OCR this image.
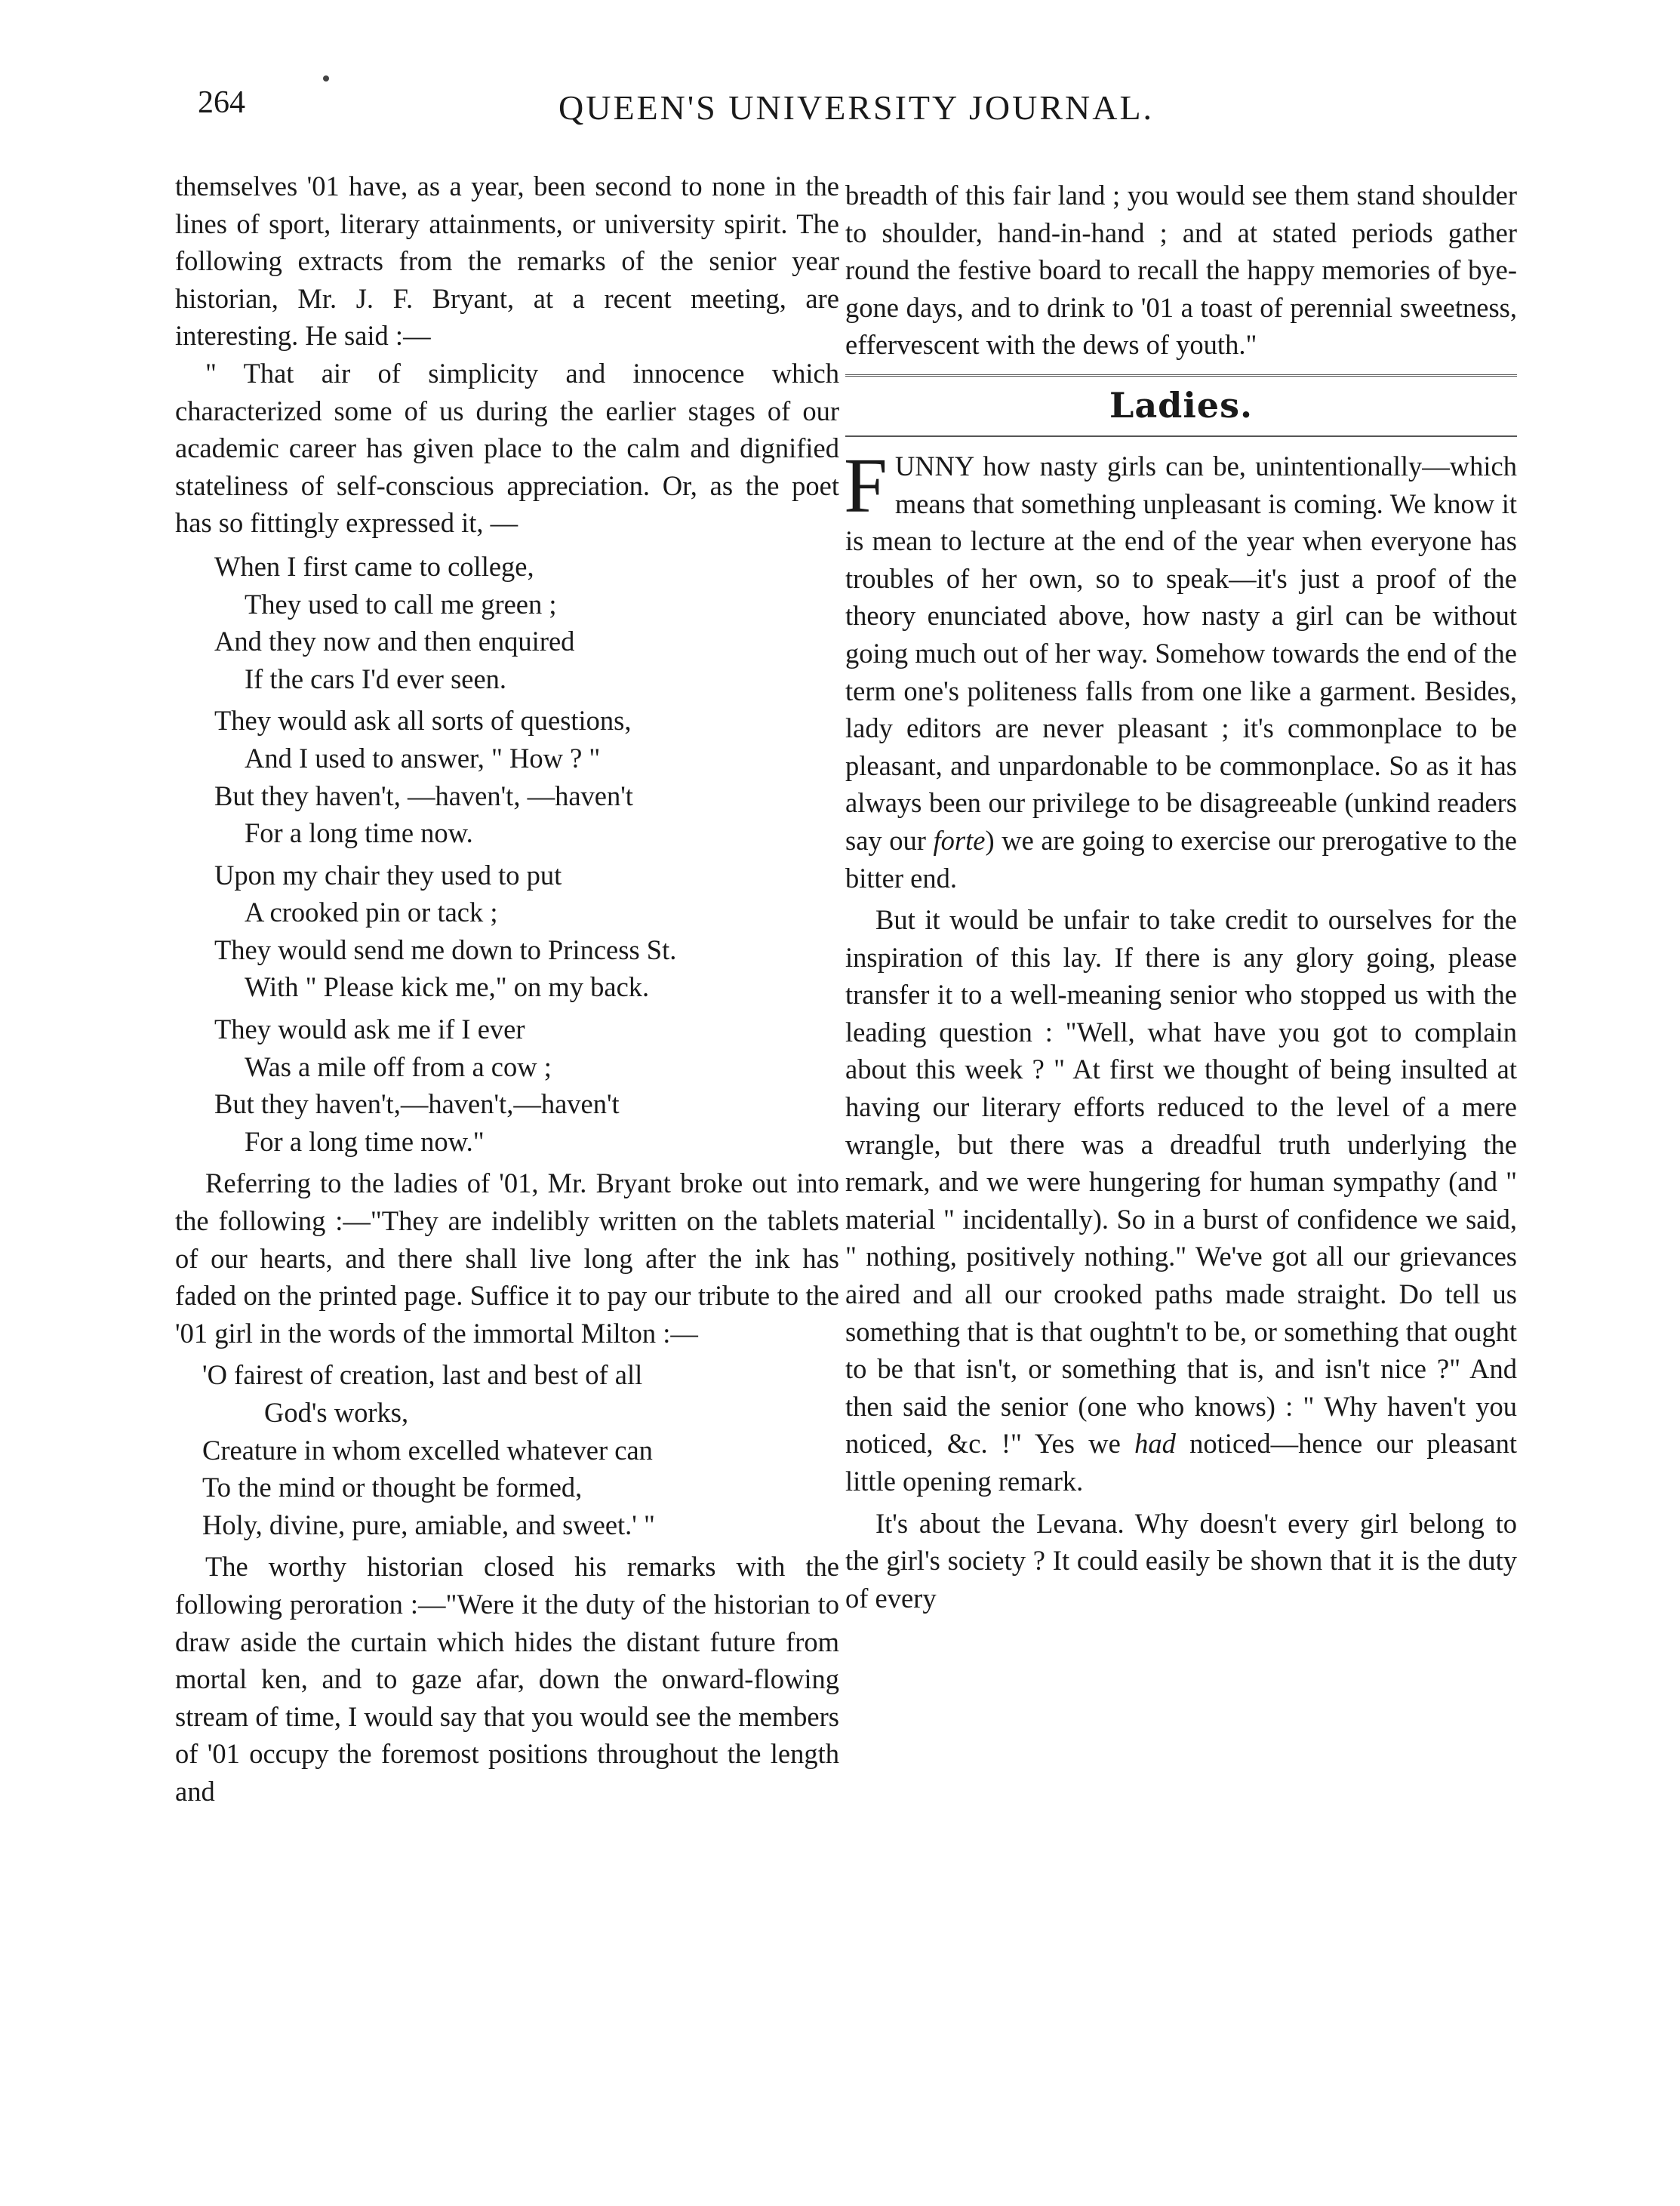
264	QUEEN'S UNIVERSITY JOURNAL.

themselves '01 have, as a year, been second to none in the lines of sport, literary attainments, or university spirit. The following extracts from the remarks of the senior year historian, Mr. J. F. Bryant, at a recent meeting, are interesting. He said :—

" That air of simplicity and innocence which characterized some of us during the earlier stages of our academic career has given place to the calm and dignified stateliness of self-conscious appreciation. Or, as the poet has so fittingly expressed it, —

When I first came to college,
They used to call me green ;
And they now and then enquired
If the cars I'd ever seen.
They would ask all sorts of questions,
And I used to answer, " How ? "
But they haven't, —haven't, —haven't
For a long time now.
Upon my chair they used to put
A crooked pin or tack ;
They would send me down to Princess St.
With " Please kick me," on my back.
They would ask me if I ever
Was a mile off from a cow ;
But they haven't,—haven't,—haven't
For a long time now."

Referring to the ladies of '01, Mr. Bryant broke out into the following :—"They are indelibly written on the tablets of our hearts, and there shall live long after the ink has faded on the printed page. Suffice it to pay our tribute to the '01 girl in the words of the immortal Milton :—

'O fairest of creation, last and best of all
God's works,
Creature in whom excelled whatever can
To the mind or thought be formed,
Holy, divine, pure, amiable, and sweet.' "

The worthy historian closed his remarks with the following peroration :—"Were it the duty of the historian to draw aside the curtain which hides the distant future from mortal ken, and to gaze afar, down the onward-flowing stream of time, I would say that you would see the members of '01 occupy the foremost positions throughout the length and

breadth of this fair land ; you would see them stand shoulder to shoulder, hand-in-hand ; and at stated periods gather round the festive board to recall the happy memories of bye-gone days, and to drink to '01 a toast of perennial sweetness, effervescent with the dews of youth."

Ladies.
F UNNY how nasty girls can be, unintentionally—which means that something unpleasant is coming. We know it is mean to lecture at the end of the year when everyone has troubles of her own, so to speak—it's just a proof of the theory enunciated above, how nasty a girl can be without going much out of her way. Somehow towards the end of the term one's politeness falls from one like a garment. Besides, lady editors are never pleasant ; it's commonplace to be pleasant, and unpardonable to be commonplace. So as it has always been our privilege to be disagreeable (unkind readers say our forte) we are going to exercise our prerogative to the bitter end.

But it would be unfair to take credit to ourselves for the inspiration of this lay. If there is any glory going, please transfer it to a well-meaning senior who stopped us with the leading question : "Well, what have you got to complain about this week ? " At first we thought of being insulted at having our literary efforts reduced to the level of a mere wrangle, but there was a dreadful truth underlying the remark, and we were hungering for human sympathy (and " material " incidentally). So in a burst of confidence we said, " nothing, positively nothing." We've got all our grievances aired and all our crooked paths made straight. Do tell us something that is that oughtn't to be, or something that ought to be that isn't, or something that is, and isn't nice ?" And then said the senior (one who knows) : " Why haven't you noticed, &c. !" Yes we had noticed—hence our pleasant little opening remark.

It's about the Levana. Why doesn't every girl belong to the girl's society ? It could easily be shown that it is the duty of every
